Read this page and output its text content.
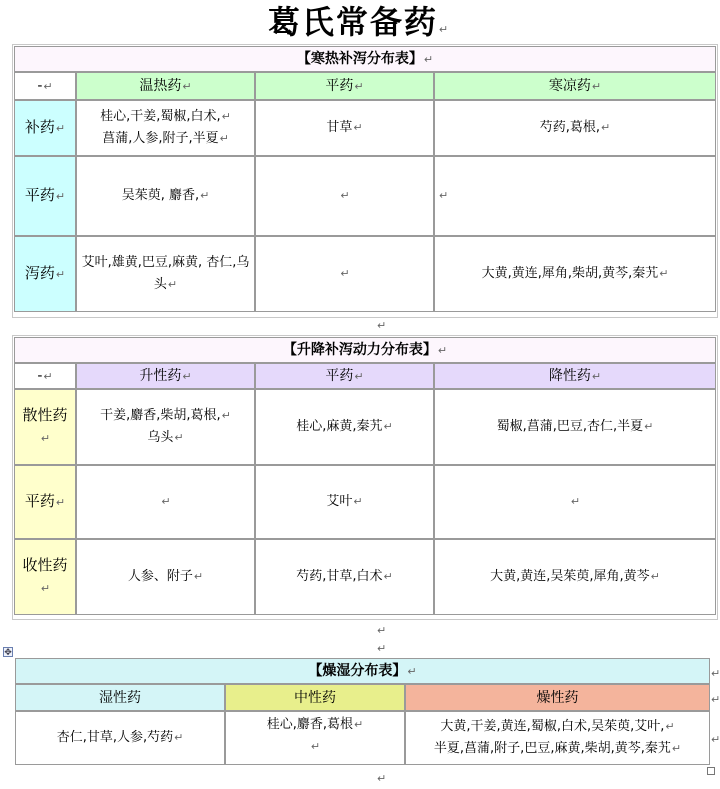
葛氏常备药↵
【寒热补泻分布表】↵			
-↵	温热药↵	平药↵	寒凉药↵
补药↵	桂心,干姜,蜀椒,白术,↵
菖蒲,人参,附子,半夏↵	甘草↵	芍药,葛根,↵
平药↵	吴茱萸, 麝香,↵	↵	↵
泻药↵	艾叶,雄黄,巴豆,麻黄, 杏仁,乌
头↵	↵	大黄,黄连,犀角,柴胡,黄芩,秦艽↵
↵
【升降补泻动力分布表】↵			
-↵	升性药↵	平药↵	降性药↵
散性药↵	干姜,麝香,柴胡,葛根,↵
乌头↵	桂心,麻黄,秦艽↵	蜀椒,菖蒲,巴豆,杏仁,半夏↵
平药↵	↵	艾叶↵	↵
收性药↵	人参、附子↵	芍药,甘草,白术↵	大黄,黄连,吴茱萸,犀角,黄芩↵
↵
↵
✥
【燥湿分布表】↵		
湿性药	中性药	燥性药
杏仁,甘草,人参,芍药↵	桂心,麝香,葛根↵
↵	大黄,干姜,黄连,蜀椒,白术,吴茱萸,艾叶,↵
半夏,菖蒲,附子,巴豆,麻黄,柴胡,黄芩,秦艽↵
↵
↵
↵
↵
